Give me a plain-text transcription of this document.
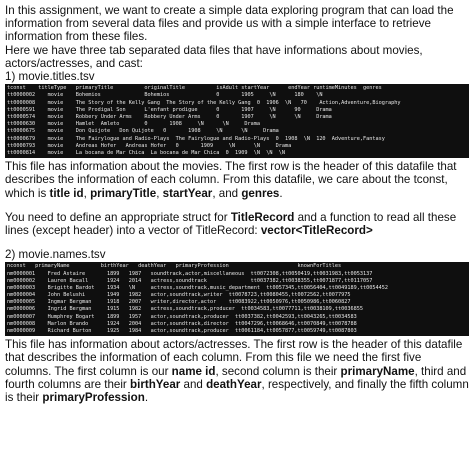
In this assignment, we want to create a simple data exploring program that can load the information from several data files and provide us with a simple interface to retrieve information from these files.

Here we have three tab separated data files that have informations about movies, actors/actresses, and cast:

1) movie.titles.tsv

tconst    titleType   primaryTitle          originalTitle          isAdult startYear      endYear runtimeMinutes  genres
tt0000002    movie    Bohemios              Bohemios               0       1905     \N      180    \N
tt0000008    movie    The Story of the Kelly Gang  The Story of the Kelly Gang  0  1906  \N   70    Action,Adventure,Biography
tt0000591    movie    The Prodigal Son      L'enfant prodigue      0       1907     \N      90     Drama
tt0000574    movie    Robbery Under Arms    Robbery Under Arms     0       1907     \N      \N     Drama
tt0000630    movie    Hamlet  Amleto        0       1908     \N      \N     Drama
tt0000675    movie    Don Quijote   Don Quijote   0       1908     \N      \N     Drama
tt0000679    movie    The Fairylogue and Radio-Plays  The Fairylogue and Radio-Plays  0  1908  \N  120  Adventure,Fantasy
tt0000793    movie    Andreas Hofer   Andreas Hofer   0       1909     \N      \N     Drama
tt0000814    movie    La bocana de Mar Chica  La bocana de Mar Chica  0  1909  \N  \N  \N

This file has information about the movies. The first row is the header of this datafile that describes the information of each column. From this datafile, we care about the tconst, which is title id, primaryTitle, startYear, and genres.

You need to define an appropriate struct for TitleRecord and a function to read all these lines (except header) into a vector of TitleRecord: vector<TitleRecord>

2) movie.names.tsv

nconst   primaryName          birthYear   deathYear   primaryProfession                      knownForTitles
nm0000001    Fred Astaire       1899   1987   soundtrack,actor,miscellaneous  tt0072308,tt0050419,tt0031983,tt0053137
nm0000002    Lauren Bacall      1924   2014   actress,soundtrack              tt0037382,tt0038355,tt0071877,tt0117057
nm0000003    Brigitte Bardot    1934   \N     actress,soundtrack,music_department  tt0057345,tt0056404,tt0049189,tt0054452
nm0000004    John Belushi       1949   1982   actor,soundtrack,writer  tt0078723,tt0080455,tt0072562,tt0077975
nm0000005    Ingmar Bergman     1918   2007   writer,director,actor    tt0083922,tt0050976,tt0050986,tt0060827
nm0000006    Ingrid Bergman     1915   1982   actress,soundtrack,producer  tt0034583,tt0077711,tt0038109,tt0036855
nm0000007    Humphrey Bogart    1899   1957   actor,soundtrack,producer  tt0037382,tt0042593,tt0043265,tt0034583
nm0000008    Marlon Brando      1924   2004   actor,soundtrack,director  tt0047296,tt0068646,tt0070849,tt0078788
nm0000009    Richard Burton     1925   1984   actor,soundtrack,producer  tt0061184,tt0057877,tt0059749,tt0087803

This file has information about actors/actresses. The first row is the header of this datafile that describes the information of each column. From this file we need the first five columns. The first column is our name id, second column is their primaryName, third and fourth columns are their birthYear and deathYear, respectively, and finally the fifth column is their primaryProfession.
